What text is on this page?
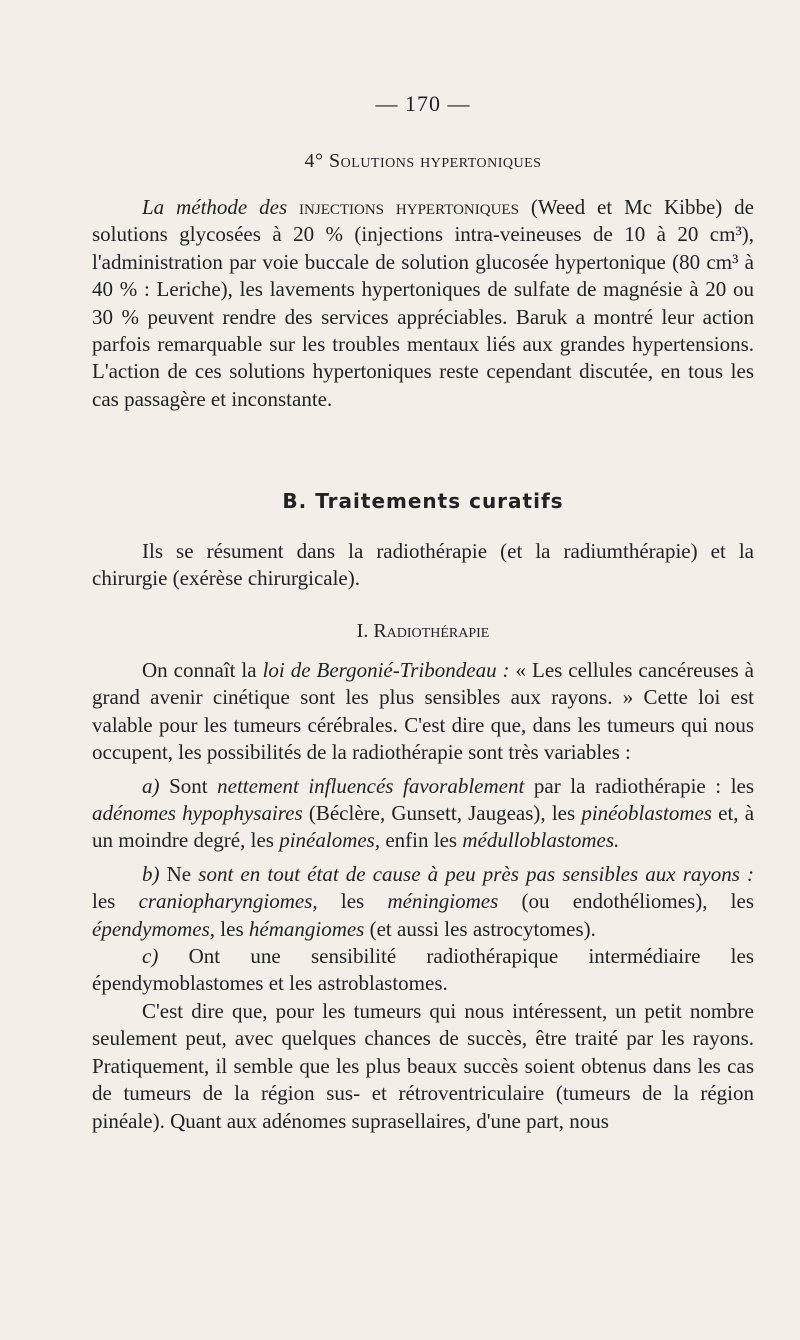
— 170 —
4° Solutions hypertoniques

La méthode des injections hypertoniques (Weed et Mc Kibbe) de solutions glycosées à 20 % (injections intra-veineuses de 10 à 20 cm³), l'administration par voie buccale de solution glucosée hypertonique (80 cm³ à 40 % : Leriche), les lavements hypertoniques de sulfate de magnésie à 20 ou 30 % peuvent rendre des services appréciables. Baruk a montré leur action parfois remarquable sur les troubles mentaux liés aux grandes hypertensions. L'action de ces solutions hypertoniques reste cependant discutée, en tous les cas passagère et inconstante.

B. Traitements curatifs

Ils se résument dans la radiothérapie (et la radiumthérapie) et la chirurgie (exérèse chirurgicale).

I. Radiothérapie

On connaît la loi de Bergonié-Tribondeau : « Les cellules cancéreuses à grand avenir cinétique sont les plus sensibles aux rayons. » Cette loi est valable pour les tumeurs cérébrales. C'est dire que, dans les tumeurs qui nous occupent, les possibilités de la radiothérapie sont très variables :

a) Sont nettement influencés favorablement par la radiothérapie : les adénomes hypophysaires (Béclère, Gunsett, Jaugeas), les pinéoblastomes et, à un moindre degré, les pinéalomes, enfin les médulloblastomes.

b) Ne sont en tout état de cause à peu près pas sensibles aux rayons : les craniopharyngiomes, les méningiomes (ou endothéliomes), les épendymomes, les hémangiomes (et aussi les astrocytomes).

c) Ont une sensibilité radiothérapique intermédiaire les épendymoblastomes et les astroblastomes.

C'est dire que, pour les tumeurs qui nous intéressent, un petit nombre seulement peut, avec quelques chances de succès, être traité par les rayons. Pratiquement, il semble que les plus beaux succès soient obtenus dans les cas de tumeurs de la région sus- et rétroventriculaire (tumeurs de la région pinéale). Quant aux adénomes suprasellaires, d'une part, nous
